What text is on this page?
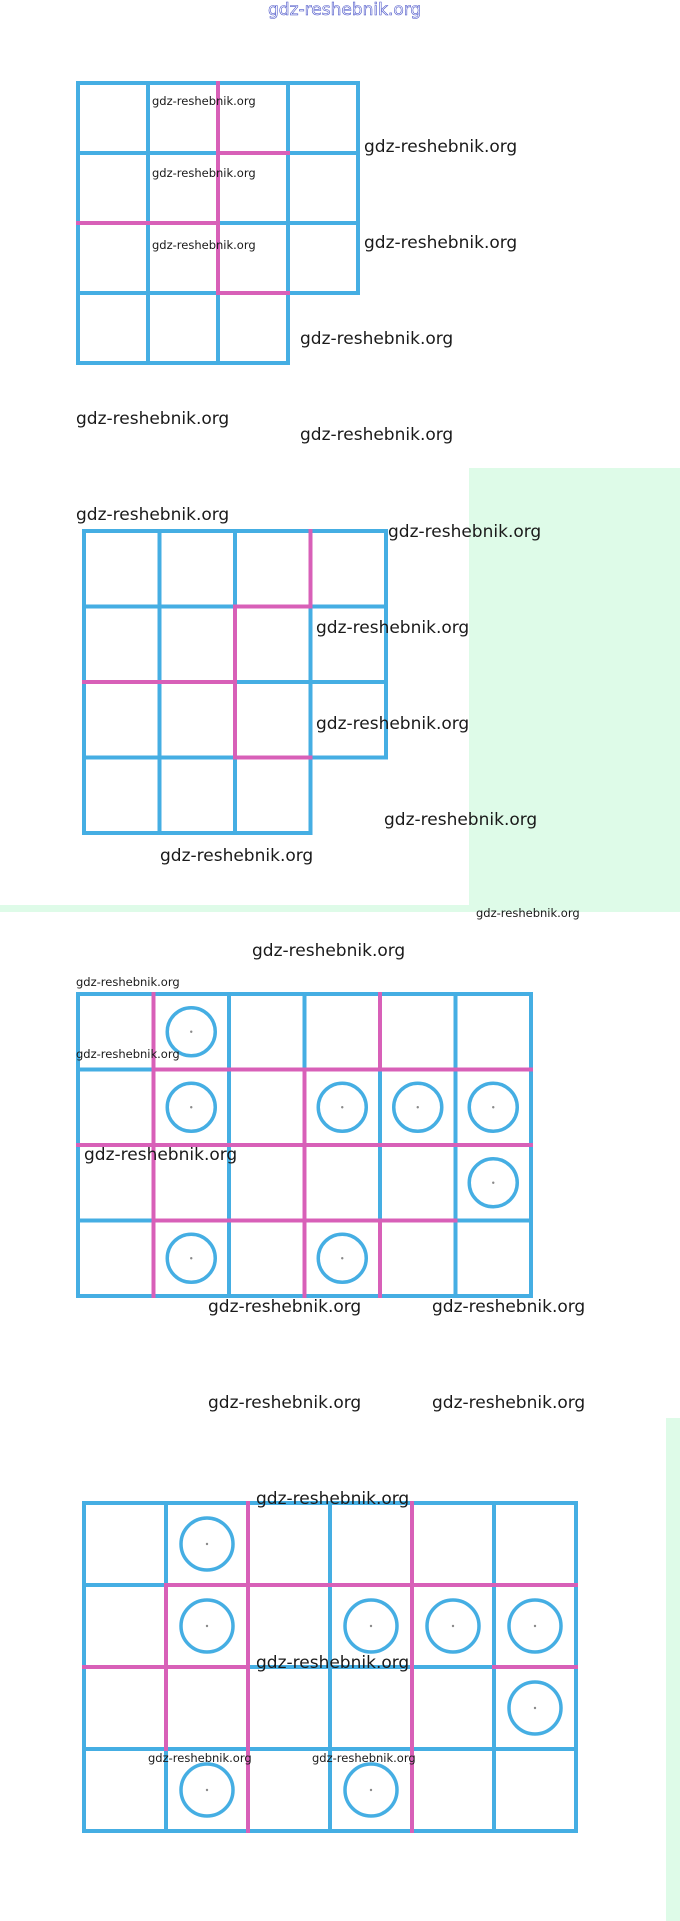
gdz-reshebnik.org
gdz-reshebnik.org
gdz-reshebnik.org
gdz-reshebnik.org
gdz-reshebnik.org
gdz-reshebnik.org
gdz-reshebnik.org
gdz-reshebnik.org
gdz-reshebnik.org
gdz-reshebnik.org
gdz-reshebnik.org
gdz-reshebnik.org
gdz-reshebnik.org
gdz-reshebnik.org
gdz-reshebnik.org
gdz-reshebnik.org
gdz-reshebnik.org
gdz-reshebnik.org
gdz-reshebnik.org
gdz-reshebnik.org
gdz-reshebnik.org	gdz-reshebnik.org
gdz-reshebnik.org	gdz-reshebnik.org
gdz-reshebnik.org
gdz-reshebnik.org
gdz-reshebnik.org	gdz-reshebnik.org
